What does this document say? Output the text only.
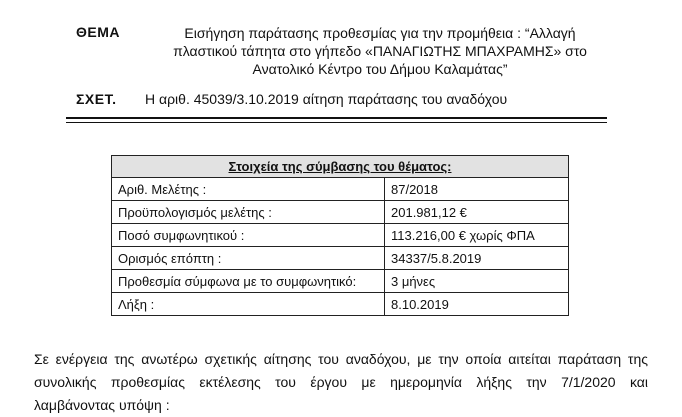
ΘΕΜΑ	Εισήγηση παράτασης προθεσμίας για την προμήθεια : “Αλλαγή
πλαστικού τάπητα στο γήπεδο «ΠΑΝΑΓΙΩΤΗΣ ΜΠΑΧΡΑΜΗΣ» στο
Ανατολικό Κέντρο του Δήμου Καλαμάτας”
ΣΧΕΤ. Η αριθ. 45039/3.10.2019 αίτηση παράτασης του αναδόχου
Στοιχεία της σύμβασης του θέματος:	
Αριθ. Μελέτης :	87/2018
Προϋπολογισμός μελέτης :	201.981,12 €
Ποσό συμφωνητικού :	113.216,00 € χωρίς ΦΠΑ
Ορισμός επόπτη :	34337/5.8.2019
Προθεσμία σύμφωνα με το συμφωνητικό:	3 μήνες
Λήξη :	8.10.2019
Σε ενέργεια της ανωτέρω σχετικής αίτησης του αναδόχου, με την οποία αιτείται παράταση της
συνολικής προθεσμίας εκτέλεσης του έργου με ημερομηνία λήξης την 7/1/2020 και
λαμβάνοντας υπόψη :
